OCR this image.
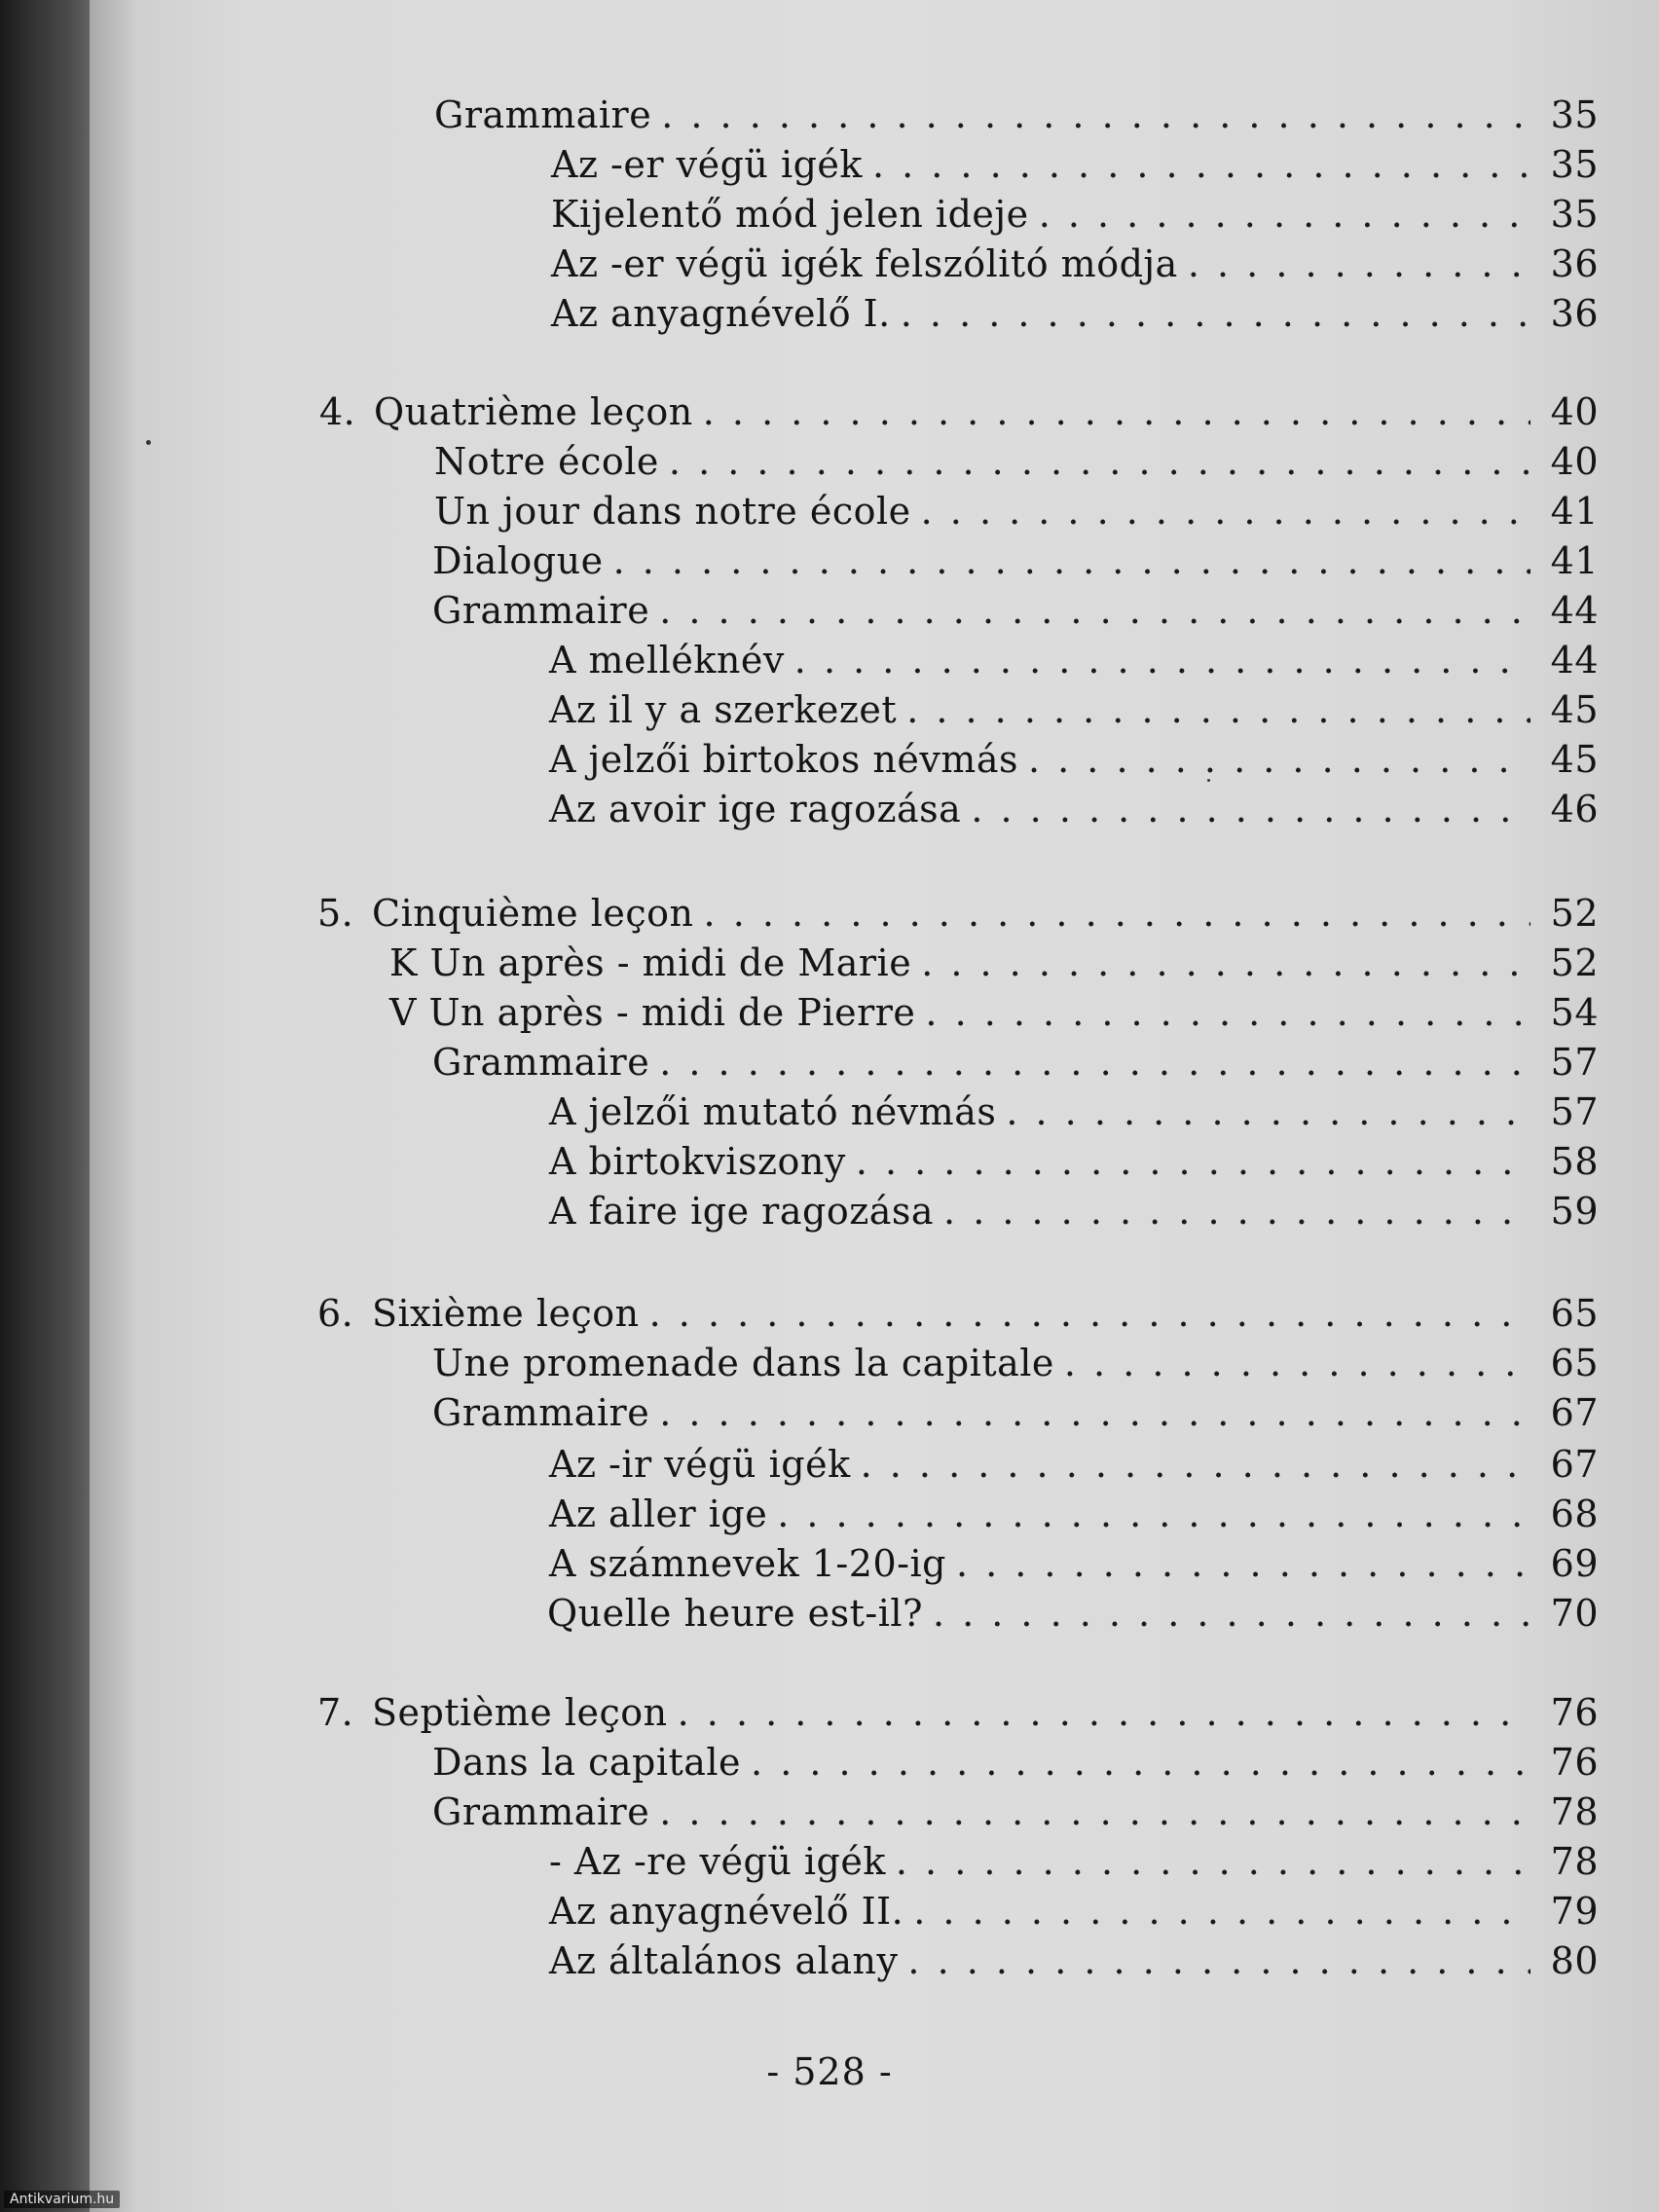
Grammaire . . .	35
Az -er végü igék . . .	35
Kijelentő mód jelen ideje . . .	35
Az -er végü igék felszólitó módja . . .	36
Az anyagnévelő I. . . .	36
4. Quatrième leçon . . .	40
Notre école . . .	40
Un jour dans notre école . . .	41
Dialogue . . .	41
Grammaire . . .	44
A melléknév . . .	44
Az il y a szerkezet . . .	45
A jelzői birtokos névmás . . .	45
Az avoir ige ragozása . . .	46
5. Cinquième leçon . . .	52
K Un après - midi de Marie . . .	52
V Un après - midi de Pierre . . .	54
Grammaire . . .	57
A jelzői mutató névmás . . .	57
A birtokviszony . . .	58
A faire ige ragozása . . .	59
6. Sixième leçon . . .	65
Une promenade dans la capitale . . .	65
Grammaire . . .	67
Az -ir végü igék . . .	67
Az aller ige . . .	68
A számnevek 1-20-ig . . .	69
Quelle heure est-il? . . .	70
7. Septième leçon . . .	76
Dans la capitale . . .	76
Grammaire . . .	78
- Az -re végü igék . . .	78
Az anyagnévelő II. . . .	79
Az általános alany . . .	80
- 528 -
Antikvarium.hu
